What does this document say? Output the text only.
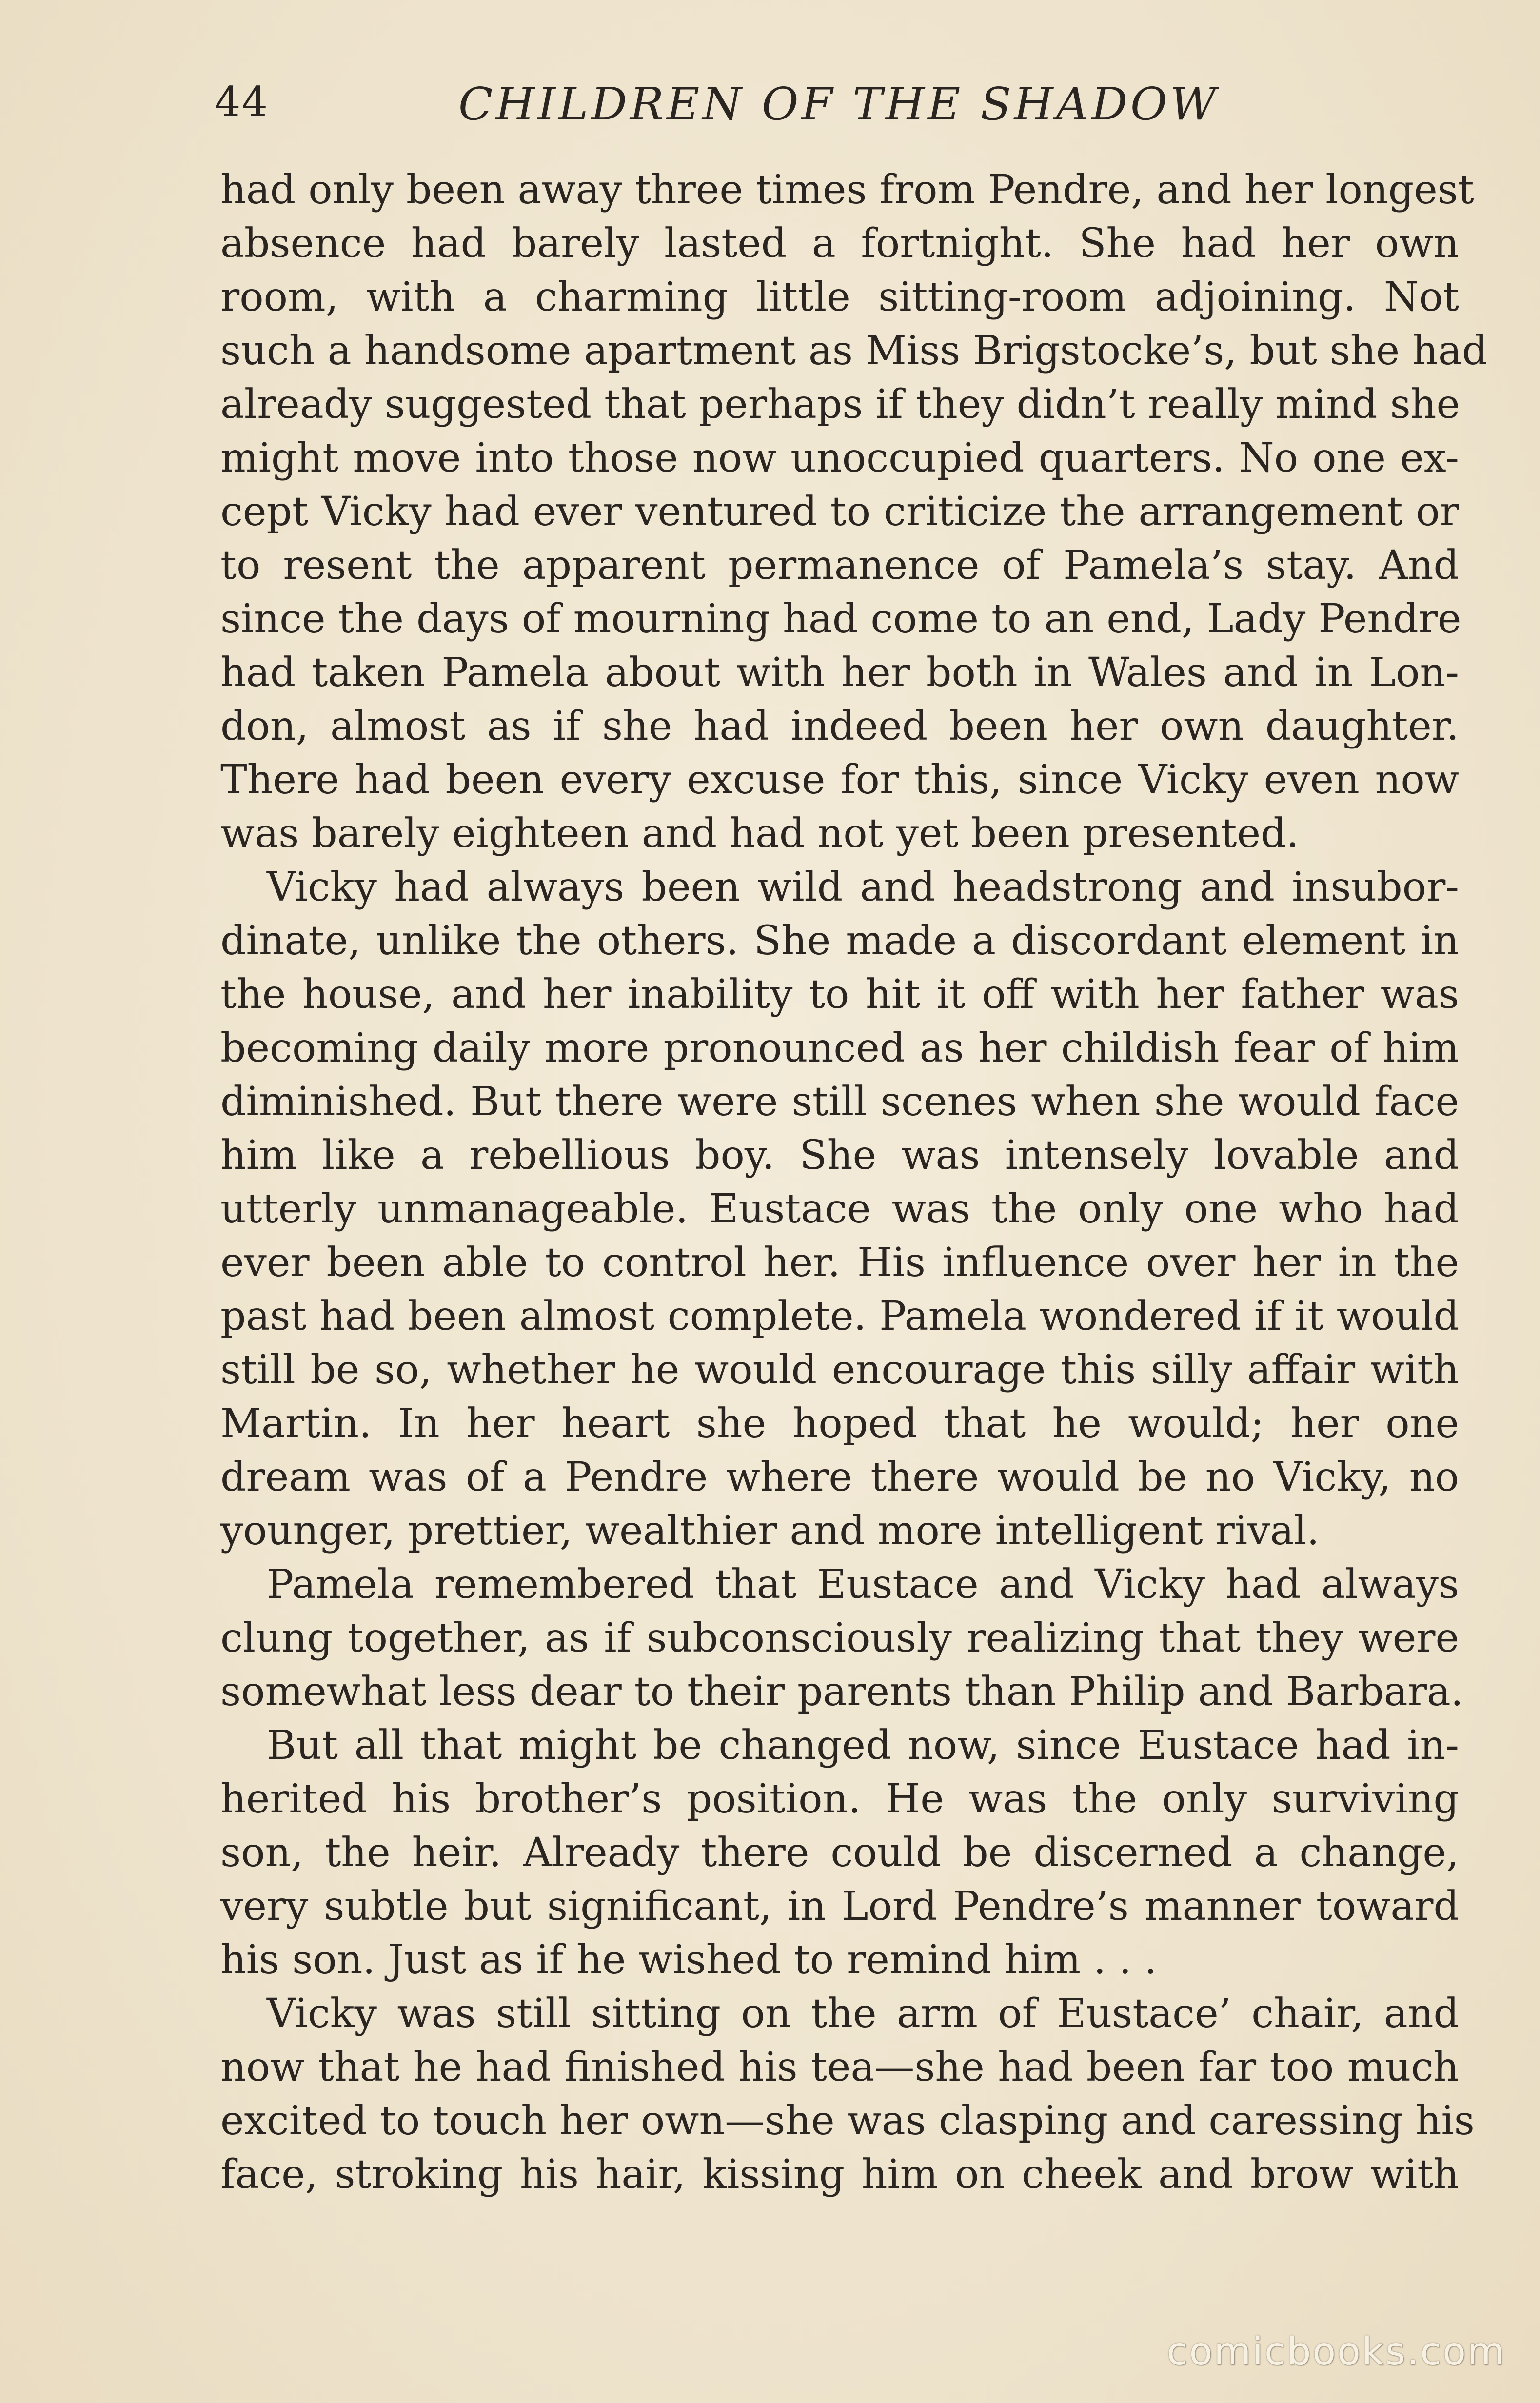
44	CHILDREN OF THE SHADOW
had only been away three times from Pendre, and her longest
absence had barely lasted a fortnight. She had her own
room, with a charming little sitting-room adjoining. Not
such a handsome apartment as Miss Brigstocke’s, but she had
already suggested that perhaps if they didn’t really mind she
might move into those now unoccupied quarters. No one ex-
cept Vicky had ever ventured to criticize the arrangement or
to resent the apparent permanence of Pamela’s stay. And
since the days of mourning had come to an end, Lady Pendre
had taken Pamela about with her both in Wales and in Lon-
don, almost as if she had indeed been her own daughter.
There had been every excuse for this, since Vicky even now
was barely eighteen and had not yet been presented.
Vicky had always been wild and headstrong and insubor-
dinate, unlike the others. She made a discordant element in
the house, and her inability to hit it off with her father was
becoming daily more pronounced as her childish fear of him
diminished. But there were still scenes when she would face
him like a rebellious boy. She was intensely lovable and
utterly unmanageable. Eustace was the only one who had
ever been able to control her. His influence over her in the
past had been almost complete. Pamela wondered if it would
still be so, whether he would encourage this silly affair with
Martin. In her heart she hoped that he would; her one
dream was of a Pendre where there would be no Vicky, no
younger, prettier, wealthier and more intelligent rival.
Pamela remembered that Eustace and Vicky had always
clung together, as if subconsciously realizing that they were
somewhat less dear to their parents than Philip and Barbara.
But all that might be changed now, since Eustace had in-
herited his brother’s position. He was the only surviving
son, the heir. Already there could be discerned a change,
very subtle but significant, in Lord Pendre’s manner toward
his son. Just as if he wished to remind him . . .
Vicky was still sitting on the arm of Eustace’ chair, and
now that he had finished his tea—she had been far too much
excited to touch her own—she was clasping and caressing his
face, stroking his hair, kissing him on cheek and brow with
comicbooks.com
